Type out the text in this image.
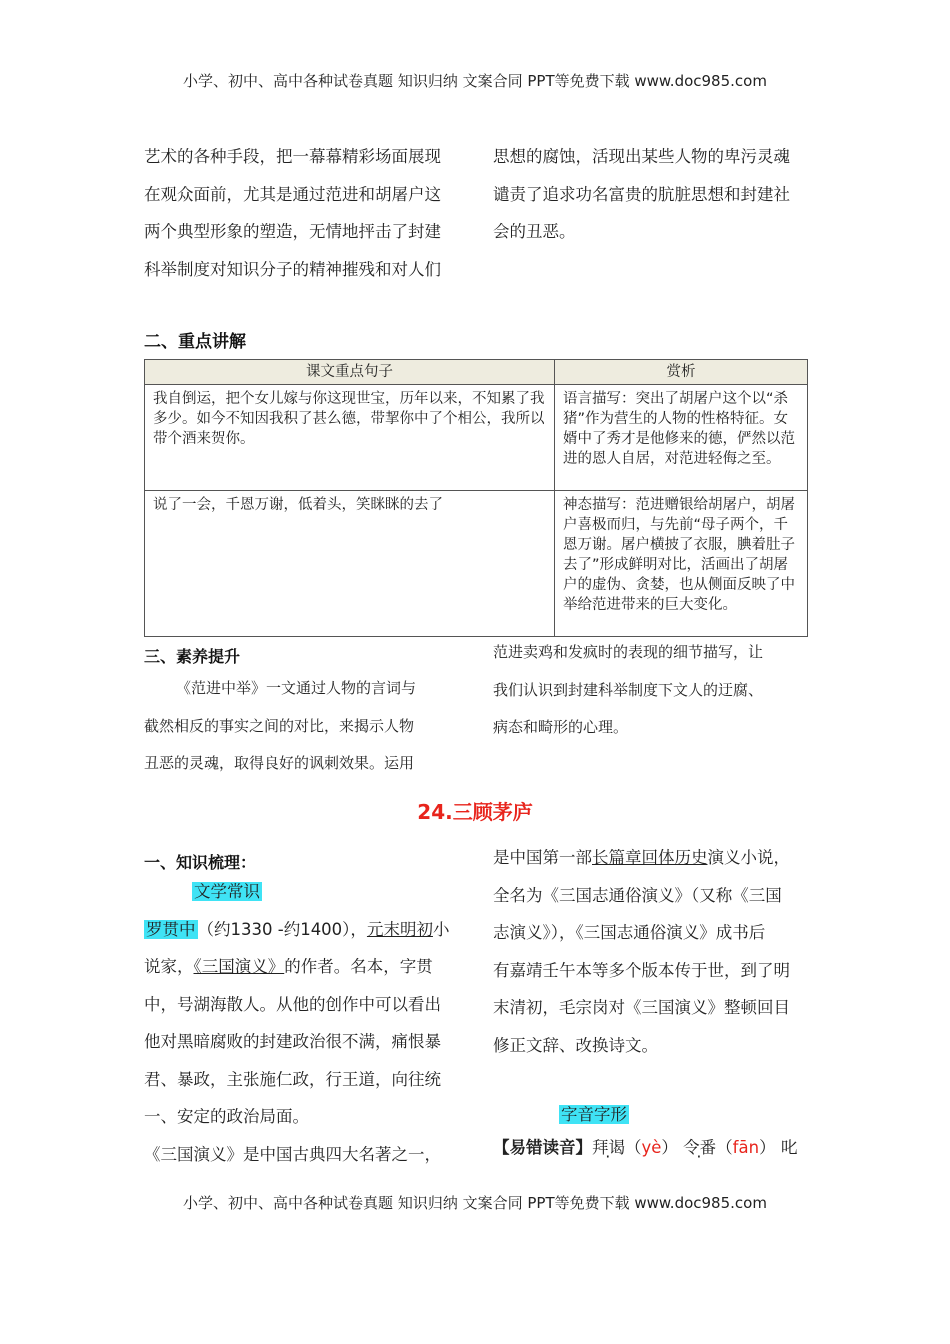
小学、初中、高中各种试卷真题 知识归纳 文案合同 PPT等免费下载 www.doc985.com
艺术的各种手段，把一幕幕精彩场面展现
在观众面前，尤其是通过范进和胡屠户这
两个典型形象的塑造，无情地抨击了封建
科举制度对知识分子的精神摧残和对人们
思想的腐蚀，活现出某些人物的卑污灵魂
谴责了追求功名富贵的肮脏思想和封建社
会的丑恶。
二、重点讲解
课文重点句子	赏析
我自倒运，把个女儿嫁与你这现世宝，历年以来，不知累了我多少。如今不知因我积了甚么德，带挈你中了个相公，我所以带个酒来贺你。	语言描写：突出了胡屠户这个以“杀猪”作为营生的人物的性格特征。女婿中了秀才是他修来的德，俨然以范进的恩人自居，对范进轻侮之至。
说了一会，千恩万谢，低着头，笑眯眯的去了	神态描写：范进赠银给胡屠户，胡屠户喜极而归，与先前“母子两个，千恩万谢。屠户横披了衣服，腆着肚子去了”形成鲜明对比，活画出了胡屠户的虚伪、贪婪，也从侧面反映了中举给范进带来的巨大变化。
三、素养提升
《范进中举》一文通过人物的言词与
截然相反的事实之间的对比，来揭示人物
丑恶的灵魂，取得良好的讽刺效果。运用
范进卖鸡和发疯时的表现的细节描写，让
我们认识到封建科举制度下文人的迂腐、
病态和畸形的心理。
24.三顾茅庐
一、知识梳理：
文学常识
罗贯中 （约1330 -约1400），元末明初小
说家，《三国演义》的作者。名本，字贯
中，号湖海散人。从他的创作中可以看出
他对黑暗腐败的封建政治很不满，痛恨暴
君、暴政，主张施仁政，行王道，向往统
一、安定的政治局面。
《三国演义》是中国古典四大名著之一，
是中国第一部长篇章回体历史演义小说，
全名为《三国志通俗演义》（又称《三国
志演义》），《三国志通俗演义》成书后
有嘉靖壬午本等多个版本传于世，到了明
末清初，毛宗岗对《三国演义》整顿回目
修正文辞、改换诗文。
字音字形
【易错读音】拜谒（yè） 令番（fān） 叱
小学、初中、高中各种试卷真题 知识归纳 文案合同 PPT等免费下载 www.doc985.com
